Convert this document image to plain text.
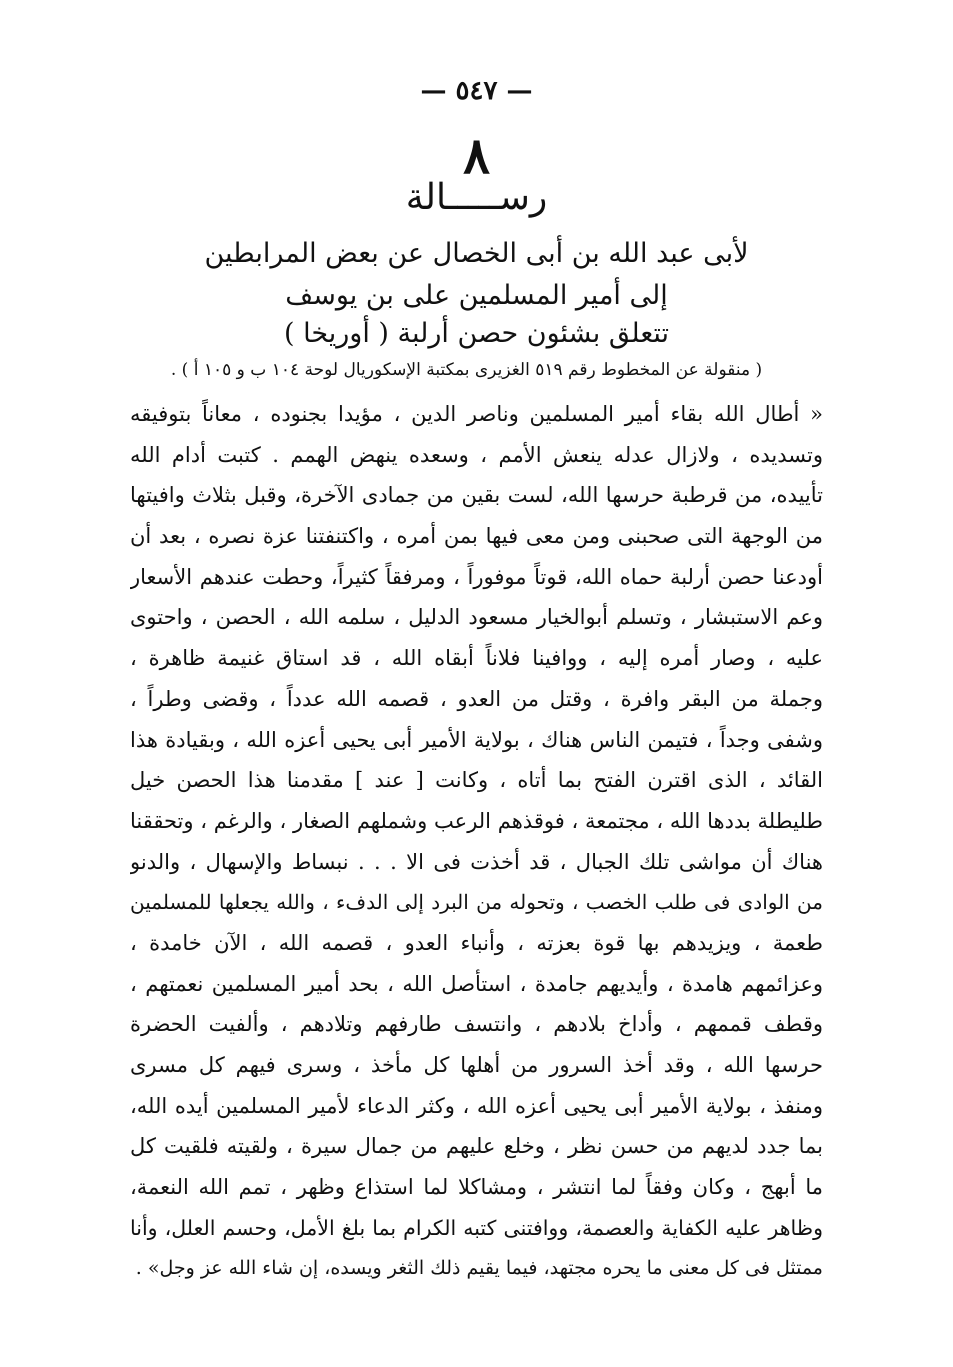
— ٥٤٧ —
٨
رســـــالة
لأبى عبد الله بن أبى الخصال عن بعض المرابطين
إلى أمير المسلمين على بن يوسف
تتعلق بشئون حصن أرلبة ( أوريخا )
( منقولة عن المخطوط رقم ٥١٩ الغزيرى بمكتبة الإسكوريال لوحة ١٠٤ ب و ١٠٥ أ ) .
« أطال الله بقاء أمير المسلمين وناصر الدين ، مؤيدا بجنوده ، معاناً بتوفيقه
وتسديده ، ولازال عدله ينعش الأمم ، وسعده ينهض الهمم . كتبت أدام الله
تأييده، من قرطبة حرسها الله، لست بقين من جمادى الآخرة، وقبل بثلاث وافيتها
من الوجهة التى صحبنى ومن معى فيها بمن أمره ، واكتنفتنا عزة نصره ، بعد أن
أودعنا حصن أرلبة حماه الله، قوتاً موفوراً ، ومرفقاً كثيراً، وحطت عندهم الأسعار
وعم الاستبشار ، وتسلم أبوالخيار مسعود الدليل ، سلمه الله ، الحصن ، واحتوى
عليه ، وصار أمره إليه ، ووافينا فلاناً أبقاه الله ، قد استاق غنيمة ظاهرة ،
وجملة من البقر وافرة ، وقتل من العدو ، قصمه الله عدداً ، وقضى وطراً ،
وشفى وجداً ، فتيمن الناس هناك ، بولاية الأمير أبى يحيى أعزه الله ، وبقيادة هذا
القائد ، الذى اقترن الفتح بما أتاه ، وكانت [ عند ] مقدمنا هذا الحصن خيل
طليطلة بددها الله ، مجتمعة ، فوقذهم الرعب وشملهم الصغار ، والرغم ، وتحققنا
هناك أن مواشى تلك الجبال ، قد أخذت فى الا . . . نبساط والإسهال ، والدنو
من الوادى فى طلب الخصب ، وتحوله من البرد إلى الدفء ، والله يجعلها للمسلمين
طعمة ، ويزيدهم بها قوة بعزته ، وأنباء العدو ، قصمه الله ، الآن خامدة ،
وعزائمهم هامدة ، وأيديهم جامدة ، استأصل الله ، بحد أمير المسلمين نعمتهم ،
وقطف قممهم ، وأداخ بلادهم ، وانتسف طارفهم وتلادهم ، وألفيت الحضرة
حرسها الله ، وقد أخذ السرور من أهلها كل مأخذ ، وسرى فيهم كل مسرى
ومنفذ ، بولاية الأمير أبى يحيى أعزه الله ، وكثر الدعاء لأمير المسلمين أيده الله،
بما جدد لديهم من حسن نظر ، وخلع عليهم من جمال سيرة ، ولقيته فلقيت كل
ما أبهج ، وكان وفقاً لما انتشر ، ومشاكلا لما استذاع وظهر ، تمم الله النعمة،
وظاهر عليه الكفاية والعصمة، ووافتنى كتبه الكرام بما بلغ الأمل، وحسم العلل، وأنا
ممتثل فى كل معنى ما يحره مجتهد، فيما يقيم ذلك الثغر ويسده، إن شاء الله عز وجل» .
